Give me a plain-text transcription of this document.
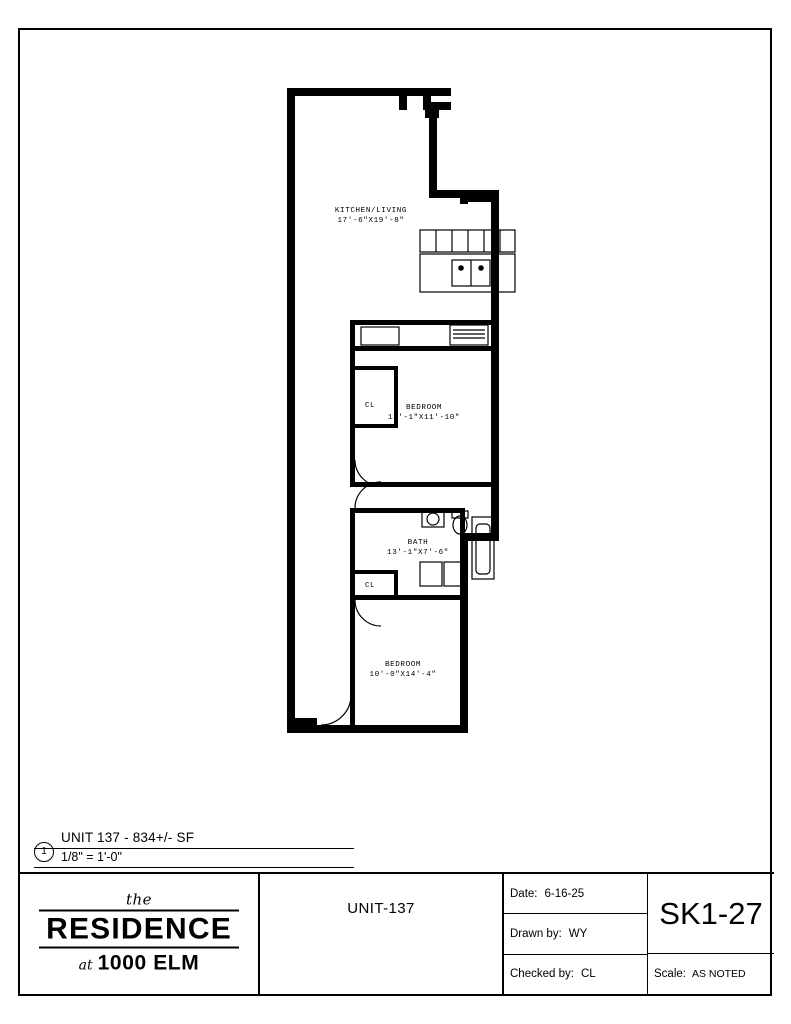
KITCHEN/LIVING
17'-6"X19'-8"
BEDROOM
13'-1"X11'-10"
BATH
13'-1"X7'-6"
BEDROOM
10'-0"X14'-4"
CL
CL
1
UNIT 137 - 834+/- SF
1/8" = 1'-0"
the
RESIDENCE
at 1000 ELM
UNIT-137
Date: 6-16-25
Drawn by: WY
Checked by: CL
SK1-27
Scale: AS NOTED
